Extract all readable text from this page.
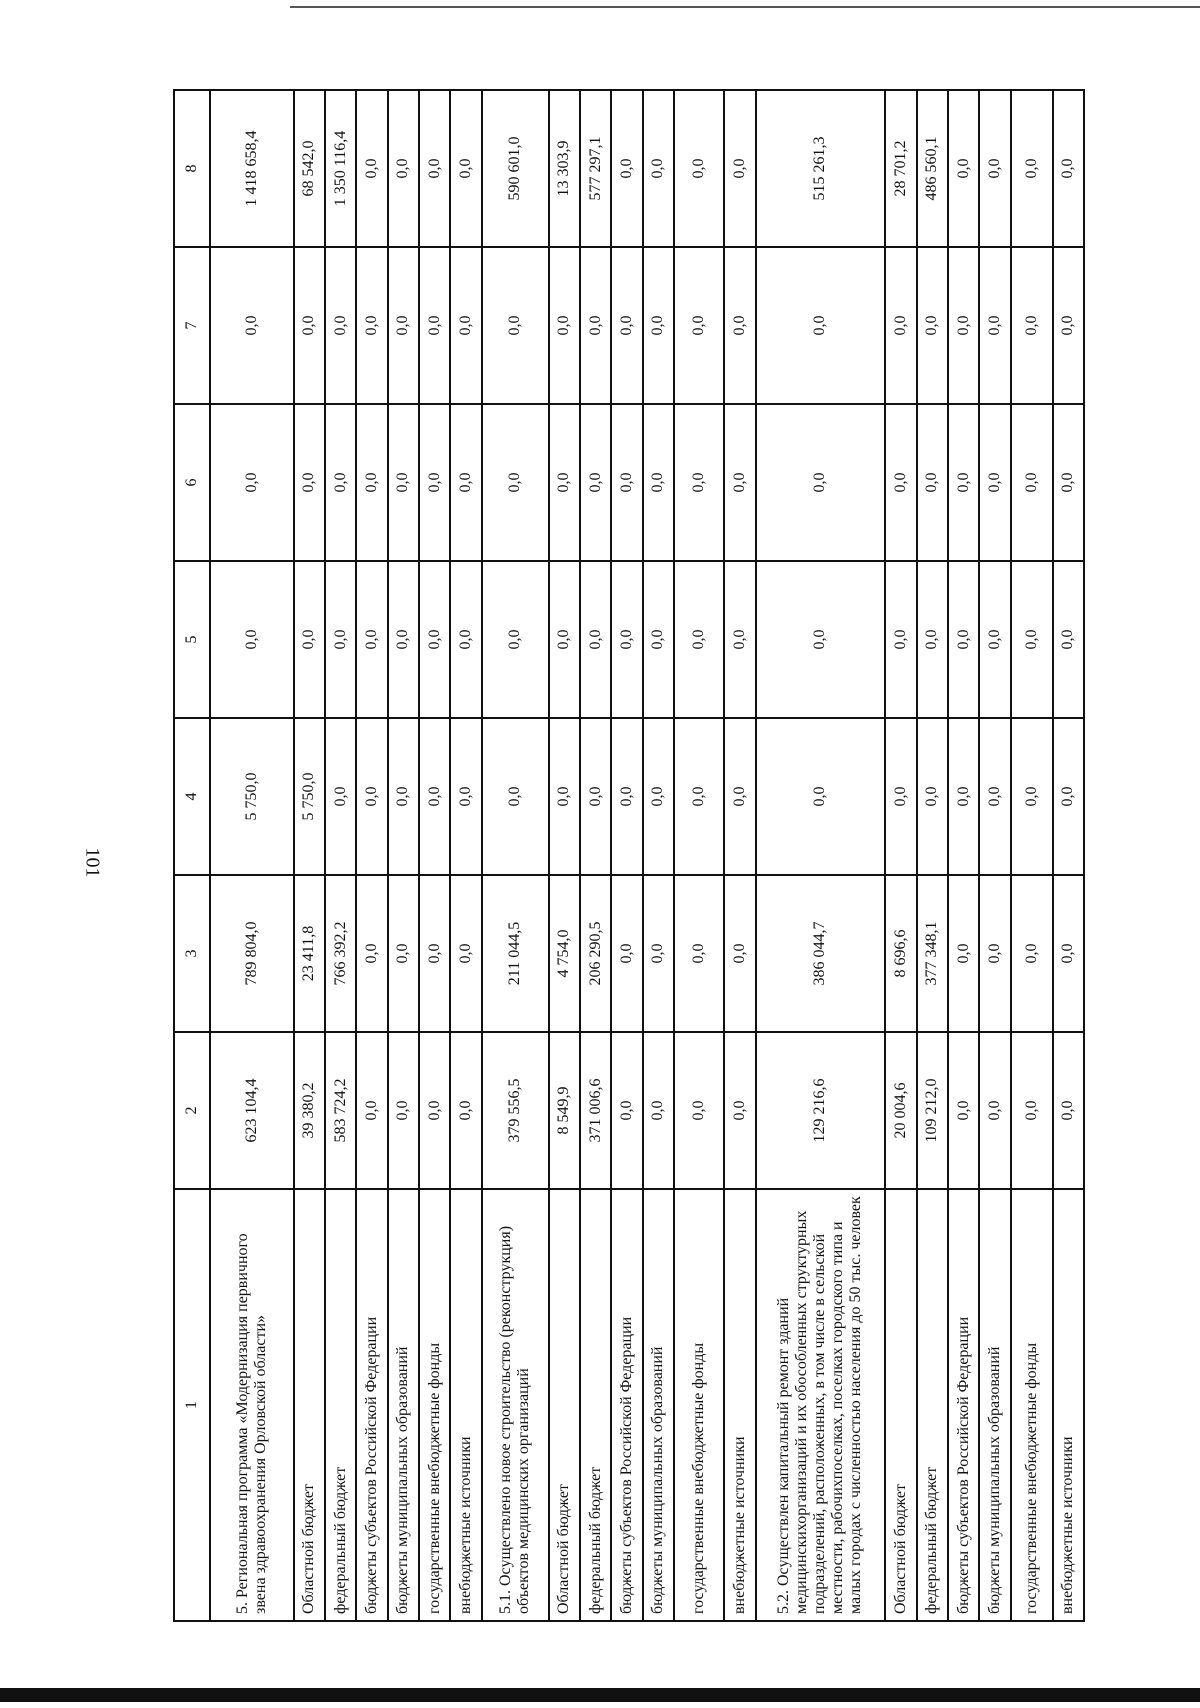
101
1	2	3	4	5	6	7	8
5. Региональная программа «Модернизация первичного звена здравоохранения Орловской области»	623 104,4	789 804,0	5 750,0	0,0	0,0	0,0	1 418 658,4
Областной бюджет	39 380,2	23 411,8	5 750,0	0,0	0,0	0,0	68 542,0
федеральный бюджет	583 724,2	766 392,2	0,0	0,0	0,0	0,0	1 350 116,4
бюджеты субъектов Российской Федерации	0,0	0,0	0,0	0,0	0,0	0,0	0,0
бюджеты муниципальных образований	0,0	0,0	0,0	0,0	0,0	0,0	0,0
государственные внебюджетные фонды	0,0	0,0	0,0	0,0	0,0	0,0	0,0
внебюджетные источники	0,0	0,0	0,0	0,0	0,0	0,0	0,0
5.1. Осуществлено новое строительство (реконструкция) объектов медицинских организаций	379 556,5	211 044,5	0,0	0,0	0,0	0,0	590 601,0
Областной бюджет	8 549,9	4 754,0	0,0	0,0	0,0	0,0	13 303,9
федеральный бюджет	371 006,6	206 290,5	0,0	0,0	0,0	0,0	577 297,1
бюджеты субъектов Российской Федерации	0,0	0,0	0,0	0,0	0,0	0,0	0,0
бюджеты муниципальных образований	0,0	0,0	0,0	0,0	0,0	0,0	0,0
государственные внебюджетные фонды	0,0	0,0	0,0	0,0	0,0	0,0	0,0
внебюджетные источники	0,0	0,0	0,0	0,0	0,0	0,0	0,0
5.2. Осуществлен капитальный ремонт зданий медицинскихорганизаций и их обособленных структурных подразделений, расположенных, в том числе в сельской местности, рабочихпоселках, поселках городского типа и малых городах с численностью населения до 50 тыс. человек	129 216,6	386 044,7	0,0	0,0	0,0	0,0	515 261,3
Областной бюджет	20 004,6	8 696,6	0,0	0,0	0,0	0,0	28 701,2
федеральный бюджет	109 212,0	377 348,1	0,0	0,0	0,0	0,0	486 560,1
бюджеты субъектов Российской Федерации	0,0	0,0	0,0	0,0	0,0	0,0	0,0
бюджеты муниципальных образований	0,0	0,0	0,0	0,0	0,0	0,0	0,0
государственные внебюджетные фонды	0,0	0,0	0,0	0,0	0,0	0,0	0,0
внебюджетные источники	0,0	0,0	0,0	0,0	0,0	0,0	0,0
